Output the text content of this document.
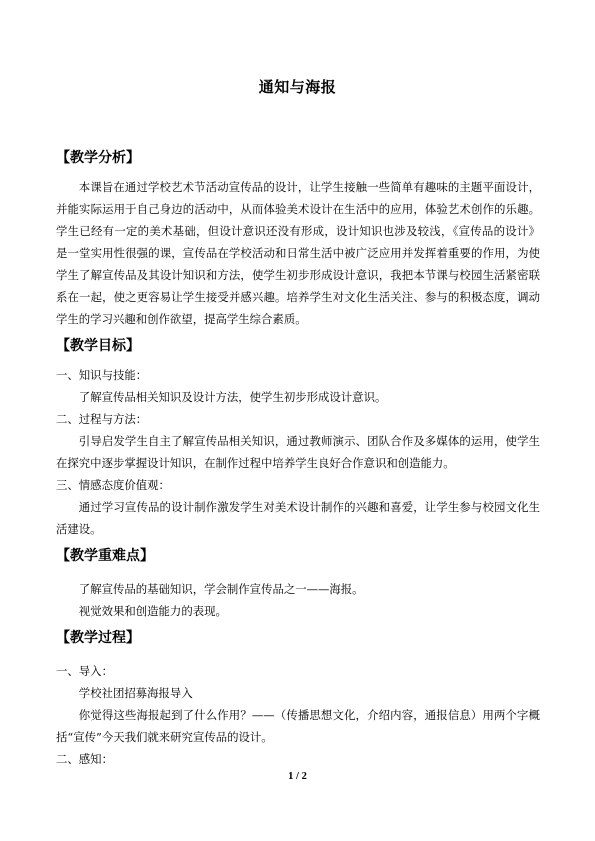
通知与海报
【教学分析】

本课旨在通过学校艺术节活动宣传品的设计，让学生接触一些简单有趣味的主题平面设计，并能实际运用于自己身边的活动中，从而体验美术设计在生活中的应用，体验艺术创作的乐趣。学生已经有一定的美术基础，但设计意识还没有形成，设计知识也涉及较浅，《宣传品的设计》是一堂实用性很强的课，宣传品在学校活动和日常生活中被广泛应用并发挥着重要的作用，为使学生了解宣传品及其设计知识和方法，使学生初步形成设计意识，我把本节课与校园生活紧密联系在一起，使之更容易让学生接受并感兴趣。培养学生对文化生活关注、参与的积极态度，调动学生的学习兴趣和创作欲望，提高学生综合素质。

【教学目标】

一、知识与技能：

了解宣传品相关知识及设计方法，使学生初步形成设计意识。

二、过程与方法：

引导启发学生自主了解宣传品相关知识，通过教师演示、团队合作及多媒体的运用，使学生在探究中逐步掌握设计知识，在制作过程中培养学生良好合作意识和创造能力。

三、情感态度价值观：

通过学习宣传品的设计制作激发学生对美术设计制作的兴趣和喜爱，让学生参与校园文化生活建设。

【教学重难点】

了解宣传品的基础知识，学会制作宣传品之一——海报。

视觉效果和创造能力的表现。

【教学过程】

一、导入：

学校社团招募海报导入

你觉得这些海报起到了什么作用？——（传播思想文化，介绍内容，通报信息）用两个字概括“宣传”今天我们就来研究宣传品的设计。

二、感知：

1 / 2
